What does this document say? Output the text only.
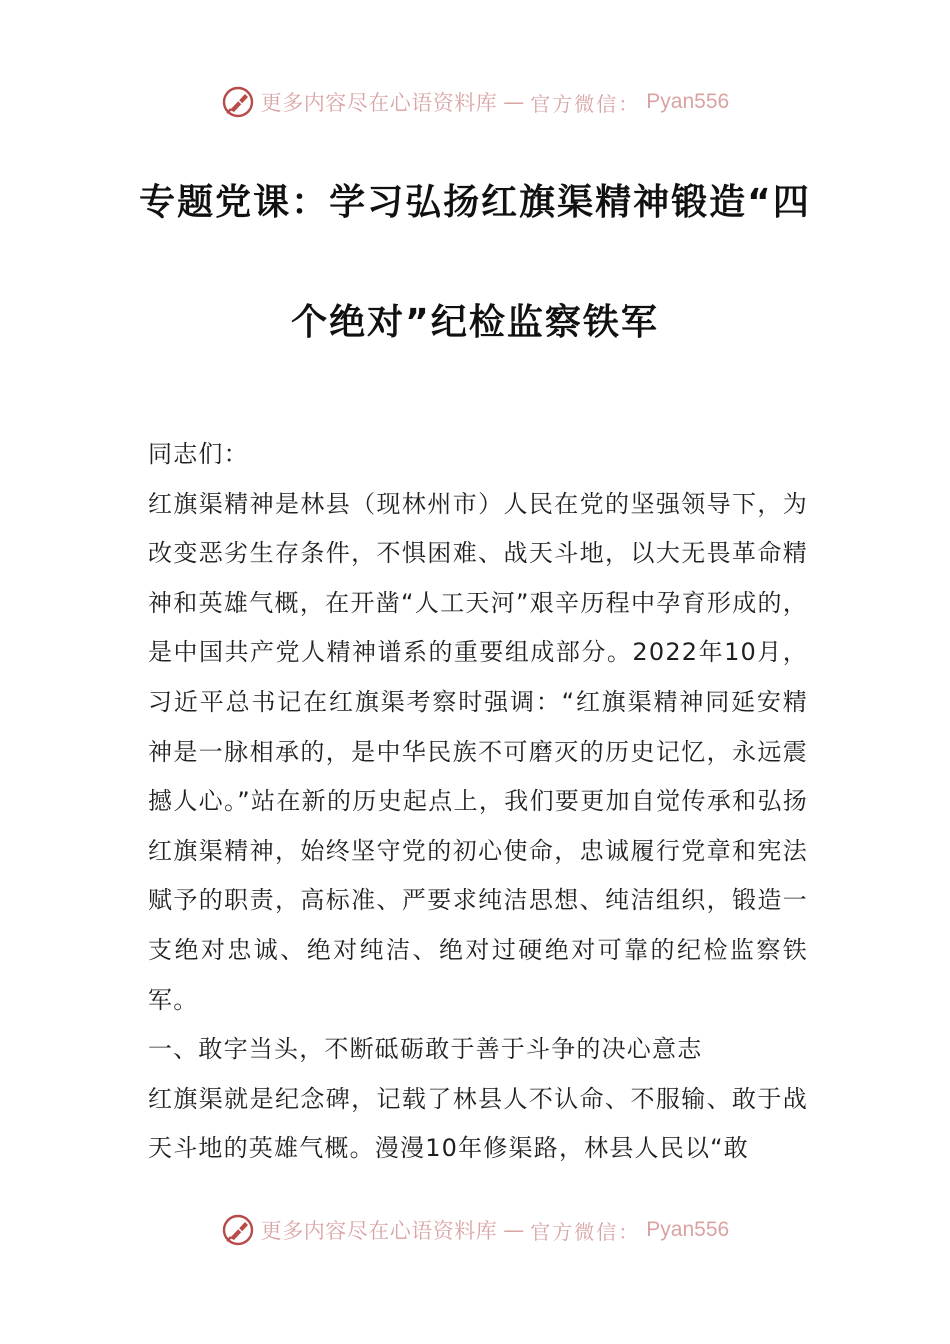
更多内容尽在心语资料库 — 官方微信： Pyan556
专题党课：学习弘扬红旗渠精神锻造“四
个绝对”纪检监察铁军

同志们：

红旗渠精神是林县（现林州市）人民在党的坚强领导下，为改变恶劣生存条件，不惧困难、战天斗地，以大无畏革命精神和英雄气概，在开凿“人工天河”艰辛历程中孕育形成的，是中国共产党人精神谱系的重要组成部分。2022年10月，习近平总书记在红旗渠考察时强调：“红旗渠精神同延安精神是一脉相承的，是中华民族不可磨灭的历史记忆，永远震撼人心。”站在新的历史起点上，我们要更加自觉传承和弘扬红旗渠精神，始终坚守党的初心使命，忠诚履行党章和宪法赋予的职责，高标准、严要求纯洁思想、纯洁组织，锻造一支绝对忠诚、绝对纯洁、绝对过硬绝对可靠的纪检监察铁军。

一、敢字当头，不断砥砺敢于善于斗争的决心意志

红旗渠就是纪念碑，记载了林县人不认命、不服输、敢于战天斗地的英雄气概。漫漫10年修渠路，林县人民以“敢

更多内容尽在心语资料库 — 官方微信： Pyan556
